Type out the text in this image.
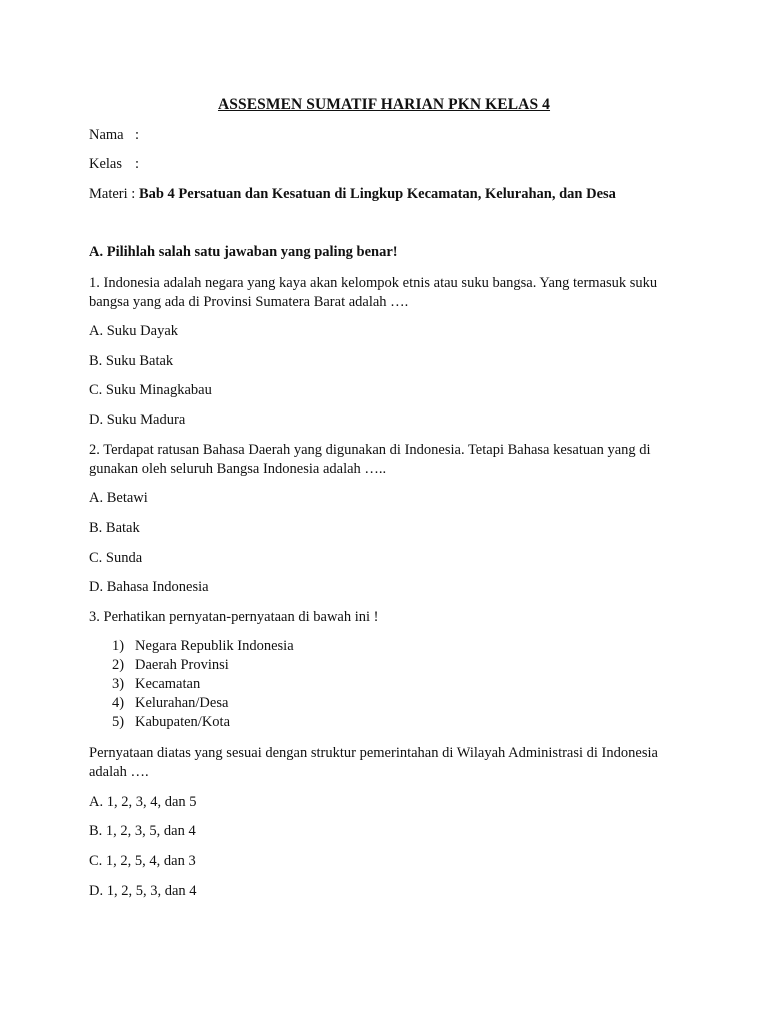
ASSESMEN SUMATIF HARIAN PKN KELAS 4
Nama :
Kelas :
Materi : Bab 4 Persatuan dan Kesatuan di Lingkup Kecamatan, Kelurahan, dan Desa
A. Pilihlah salah satu jawaban yang paling benar!
1. Indonesia adalah negara yang kaya akan kelompok etnis atau suku bangsa. Yang termasuk suku bangsa yang ada di Provinsi Sumatera Barat adalah ….
A. Suku Dayak
B. Suku Batak
C. Suku Minagkabau
D. Suku Madura
2. Terdapat ratusan Bahasa Daerah yang digunakan di Indonesia. Tetapi Bahasa kesatuan yang di gunakan oleh seluruh Bangsa Indonesia adalah …..
A. Betawi
B. Batak
C. Sunda
D. Bahasa Indonesia
3. Perhatikan pernyatan-pernyataan di bawah ini !
1) Negara Republik Indonesia
2) Daerah Provinsi
3) Kecamatan
4) Kelurahan/Desa
5) Kabupaten/Kota
Pernyataan diatas yang sesuai dengan struktur pemerintahan di Wilayah Administrasi di Indonesia adalah ….
A. 1, 2, 3, 4, dan 5
B. 1, 2, 3, 5, dan 4
C. 1, 2, 5, 4, dan 3
D. 1, 2, 5, 3, dan 4
